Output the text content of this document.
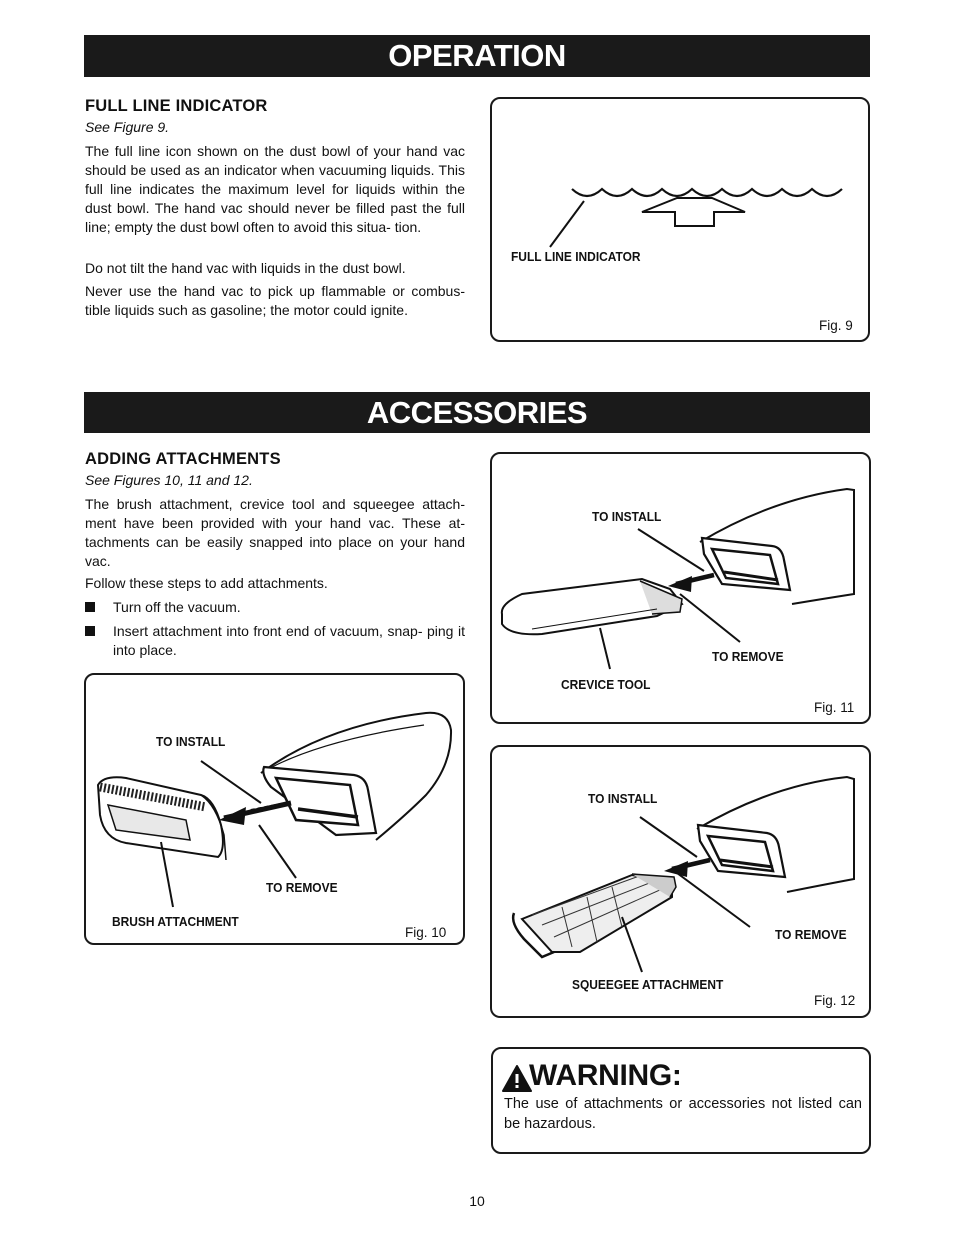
OPERATION
FULL LINE INDICATOR
See Figure 9.

The full line icon shown on the dust bowl of your hand vac should be used as an indicator when vacuuming liquids. This full line indicates the maximum level for liquids within the dust bowl. The hand vac should never be filled past the full line; empty the dust bowl often to avoid this situa- tion.

Do not tilt the hand vac with liquids in the dust bowl.

Never use the hand vac to pick up flammable or combus- tible liquids such as gasoline; the motor could ignite.

FULL LINE INDICATOR
Fig. 9
ACCESSORIES
ADDING ATTACHMENTS
See Figures 10, 11 and 12.

The brush attachment, crevice tool and squeegee attach- ment have been provided with your hand vac. These at- tachments can be easily snapped into place on your hand vac.

Follow these steps to add attachments.

Turn off the vacuum.
Insert attachment into front end of vacuum, snap- ping it into place.
TO INSTALL
TO REMOVE
BRUSH ATTACHMENT
Fig. 10
TO INSTALL
TO REMOVE
CREVICE TOOL
Fig. 11
TO INSTALL
TO REMOVE
SQUEEGEE ATTACHMENT
Fig. 12
WARNING:

The use of attachments or accessories not listed can be hazardous.

10
